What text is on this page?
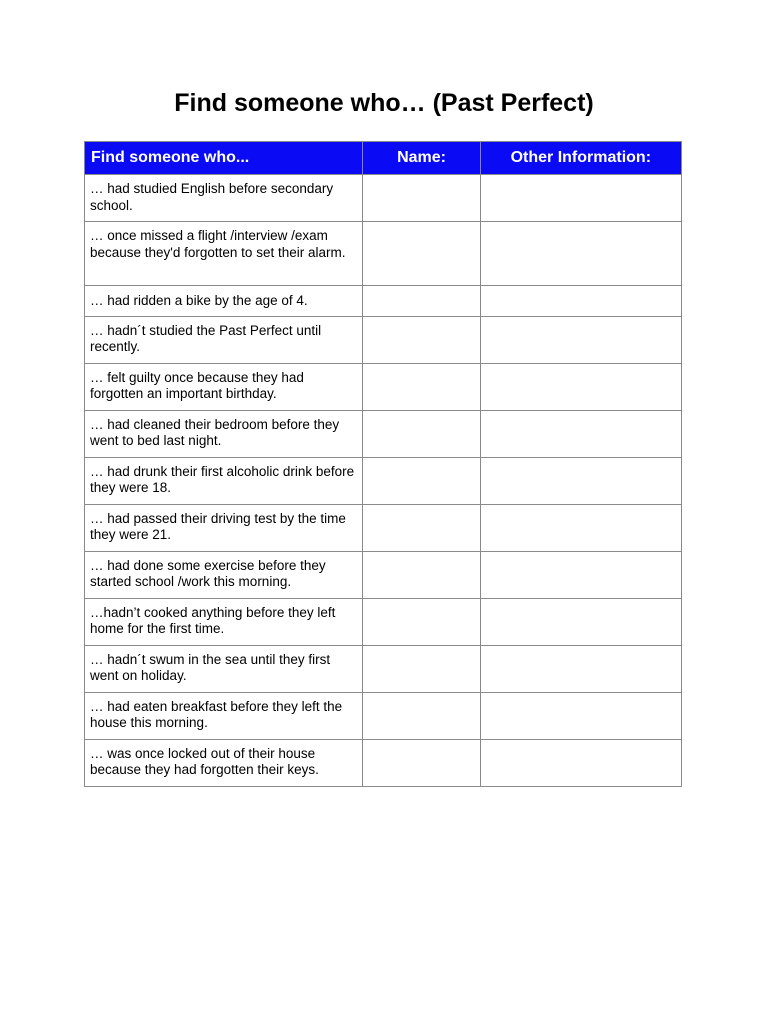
Find someone who… (Past Perfect)
Find someone who...	Name:	Other Information:
… had studied English before secondary school.		
… once missed a flight /interview /exam because they'd forgotten to set their alarm.		
… had ridden a bike by the age of 4.		
… hadn´t studied the Past Perfect until recently.		
… felt guilty once because they had forgotten an important birthday.		
… had cleaned their bedroom before they went to bed last night.		
… had drunk their first alcoholic drink before they were 18.		
… had passed their driving test by the time they were 21.		
… had done some exercise before they started school /work this morning.		
…hadn’t cooked anything before they left home for the first time.		
… hadn´t swum in the sea until they first went on holiday.		
… had eaten breakfast before they left the house this morning.		
… was once locked out of their house because they had forgotten their keys.		
